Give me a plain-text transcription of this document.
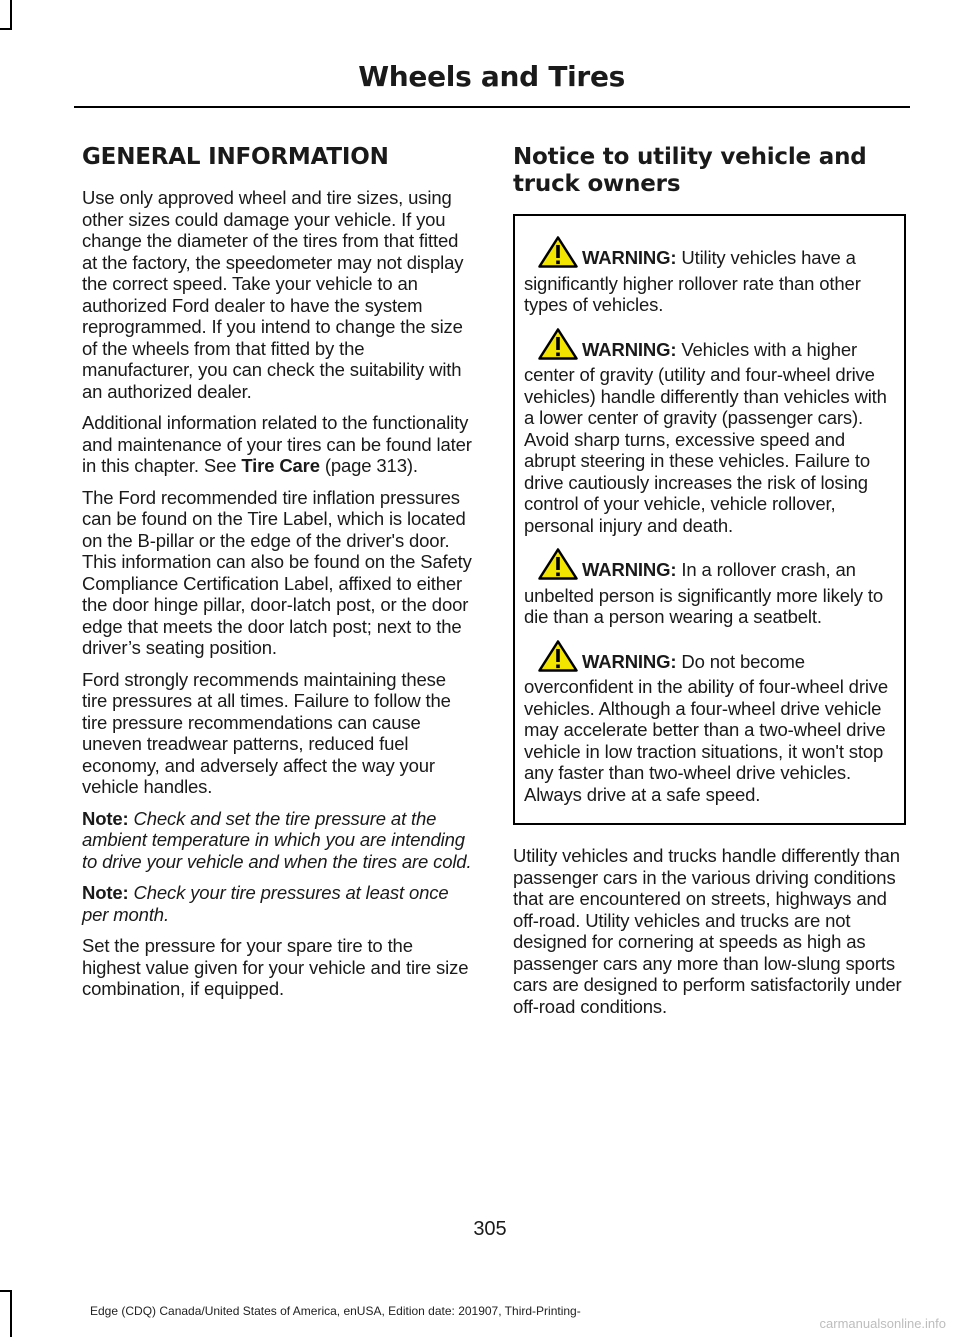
Wheels and Tires
GENERAL INFORMATION

Use only approved wheel and tire sizes, using other sizes could damage your vehicle. If you change the diameter of the tires from that fitted at the factory, the speedometer may not display the correct speed. Take your vehicle to an authorized Ford dealer to have the system reprogrammed. If you intend to change the size of the wheels from that fitted by the manufacturer, you can check the suitability with an authorized dealer.

Additional information related to the functionality and maintenance of your tires can be found later in this chapter. See Tire Care (page 313).

The Ford recommended tire inflation pressures can be found on the Tire Label, which is located on the B-pillar or the edge of the driver's door. This information can also be found on the Safety Compliance Certification Label, affixed to either the door hinge pillar, door-latch post, or the door edge that meets the door latch post; next to the driver’s seating position.

Ford strongly recommends maintaining these tire pressures at all times. Failure to follow the tire pressure recommendations can cause uneven treadwear patterns, reduced fuel economy, and adversely affect the way your vehicle handles.

Note: Check and set the tire pressure at the ambient temperature in which you are intending to drive your vehicle and when the tires are cold.

Note: Check your tire pressures at least once per month.

Set the pressure for your spare tire to the highest value given for your vehicle and tire size combination, if equipped.

Notice to utility vehicle and truck owners
WARNING: Utility vehicles have a significantly higher rollover rate than other types of vehicles.
WARNING: Vehicles with a higher center of gravity (utility and four-wheel drive vehicles) handle differently than vehicles with a lower center of gravity (passenger cars). Avoid sharp turns, excessive speed and abrupt steering in these vehicles. Failure to drive cautiously increases the risk of losing control of your vehicle, vehicle rollover, personal injury and death.
WARNING: In a rollover crash, an unbelted person is significantly more likely to die than a person wearing a seatbelt.
WARNING: Do not become overconfident in the ability of four-wheel drive vehicles. Although a four-wheel drive vehicle may accelerate better than a two-wheel drive vehicle in low traction situations, it won't stop any faster than two-wheel drive vehicles. Always drive at a safe speed.

Utility vehicles and trucks handle differently than passenger cars in the various driving conditions that are encountered on streets, highways and off-road. Utility vehicles and trucks are not designed for cornering at speeds as high as passenger cars any more than low-slung sports cars are designed to perform satisfactorily under off-road conditions.

305
Edge (CDQ) Canada/United States of America, enUSA, Edition date: 201907, Third-Printing-
carmanualsonline.info
